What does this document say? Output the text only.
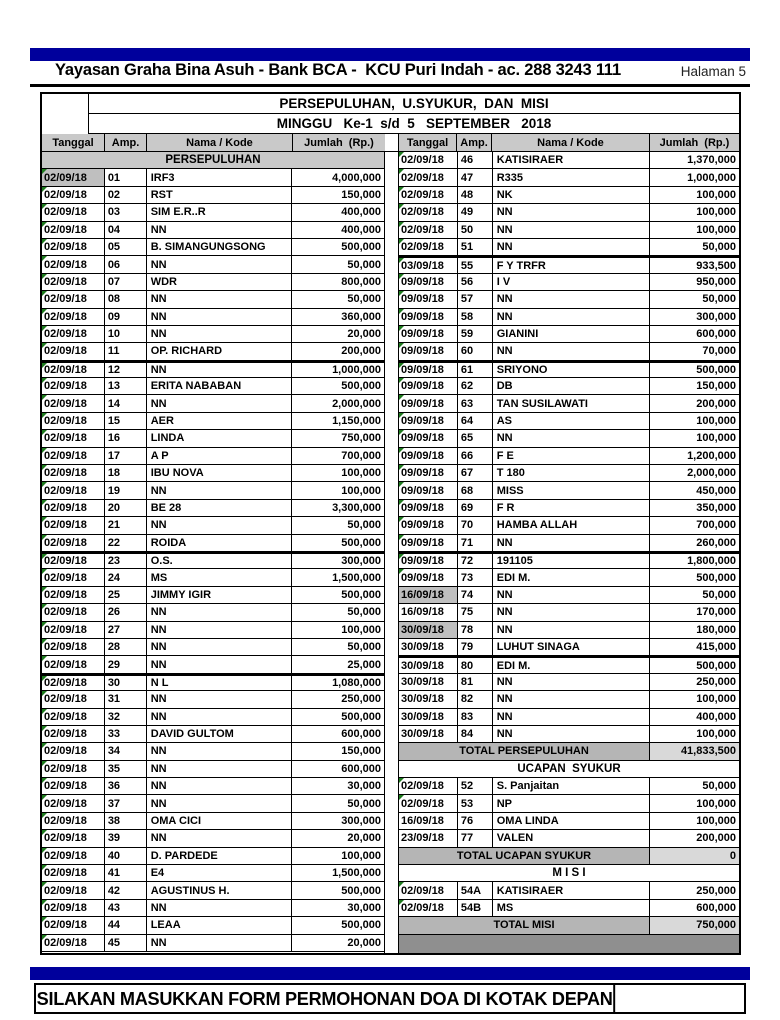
Yayasan Graha Bina Asuh - Bank BCA -  KCU Puri Indah - ac. 288 3243 111	Halaman 5
PERSEPULUHAN,  U.SYUKUR,  DAN  MISI
MINGGU   Ke-1  s/d  5   SEPTEMBER   2018
Tanggal	Amp.	Nama / Kode	Jumlah  (Rp.)	Tanggal	Amp.	Nama / Kode	Jumlah  (Rp.)
PERSEPULUHAN
02/09/18	01	IRF3	4,000,000
02/09/18	02	RST	150,000
02/09/18	03	SIM E.R..R	400,000
02/09/18	04	NN	400,000
02/09/18	05	B. SIMANGUNGSONG	500,000
02/09/18	06	NN	50,000
02/09/18	07	WDR	800,000
02/09/18	08	NN	50,000
02/09/18	09	NN	360,000
02/09/18	10	NN	20,000
02/09/18	11	OP. RICHARD	200,000
02/09/18	12	NN	1,000,000
02/09/18	13	ERITA NABABAN	500,000
02/09/18	14	NN	2,000,000
02/09/18	15	AER	1,150,000
02/09/18	16	LINDA	750,000
02/09/18	17	A P	700,000
02/09/18	18	IBU NOVA	100,000
02/09/18	19	NN	100,000
02/09/18	20	BE 28	3,300,000
02/09/18	21	NN	50,000
02/09/18	22	ROIDA	500,000
02/09/18	23	O.S.	300,000
02/09/18	24	MS	1,500,000
02/09/18	25	JIMMY IGIR	500,000
02/09/18	26	NN	50,000
02/09/18	27	NN	100,000
02/09/18	28	NN	50,000
02/09/18	29	NN	25,000
02/09/18	30	N L	1,080,000
02/09/18	31	NN	250,000
02/09/18	32	NN	500,000
02/09/18	33	DAVID GULTOM	600,000
02/09/18	34	NN	150,000
02/09/18	35	NN	600,000
02/09/18	36	NN	30,000
02/09/18	37	NN	50,000
02/09/18	38	OMA CICI	300,000
02/09/18	39	NN	20,000
02/09/18	40	D. PARDEDE	100,000
02/09/18	41	E4	1,500,000
02/09/18	42	AGUSTINUS H.	500,000
02/09/18	43	NN	30,000
02/09/18	44	LEAA	500,000
02/09/18	45	NN	20,000
02/09/18	46	KATISIRAER	1,370,000
02/09/18	47	R335	1,000,000
02/09/18	48	NK	100,000
02/09/18	49	NN	100,000
02/09/18	50	NN	100,000
02/09/18	51	NN	50,000
03/09/18	55	F Y TRFR	933,500
09/09/18	56	I V	950,000
09/09/18	57	NN	50,000
09/09/18	58	NN	300,000
09/09/18	59	GIANINI	600,000
09/09/18	60	NN	70,000
09/09/18	61	SRIYONO	500,000
09/09/18	62	DB	150,000
09/09/18	63	TAN SUSILAWATI	200,000
09/09/18	64	AS	100,000
09/09/18	65	NN	100,000
09/09/18	66	F E	1,200,000
09/09/18	67	T 180	2,000,000
09/09/18	68	MISS	450,000
09/09/18	69	F R	350,000
09/09/18	70	HAMBA ALLAH	700,000
09/09/18	71	NN	260,000
09/09/18	72	191105	1,800,000
09/09/18	73	EDI M.	500,000
16/09/18	74	NN	50,000
16/09/18	75	NN	170,000
30/09/18	78	NN	180,000
30/09/18	79	LUHUT SINAGA	415,000
30/09/18	80	EDI M.	500,000
30/09/18	81	NN	250,000
30/09/18	82	NN	100,000
30/09/18	83	NN	400,000
30/09/18	84	NN	100,000
TOTAL PERSEPULUHAN	41,833,500
UCAPAN  SYUKUR
02/09/18	52	S. Panjaitan	50,000
02/09/18	53	NP	100,000
16/09/18	76	OMA LINDA	100,000
23/09/18	77	VALEN	200,000
TOTAL UCAPAN SYUKUR	0
M I S I
02/09/18	54A	KATISIRAER	250,000
02/09/18	54B	MS	600,000
TOTAL MISI	750,000
SILAKAN MASUKKAN FORM PERMOHONAN DOA DI KOTAK DEPAN
